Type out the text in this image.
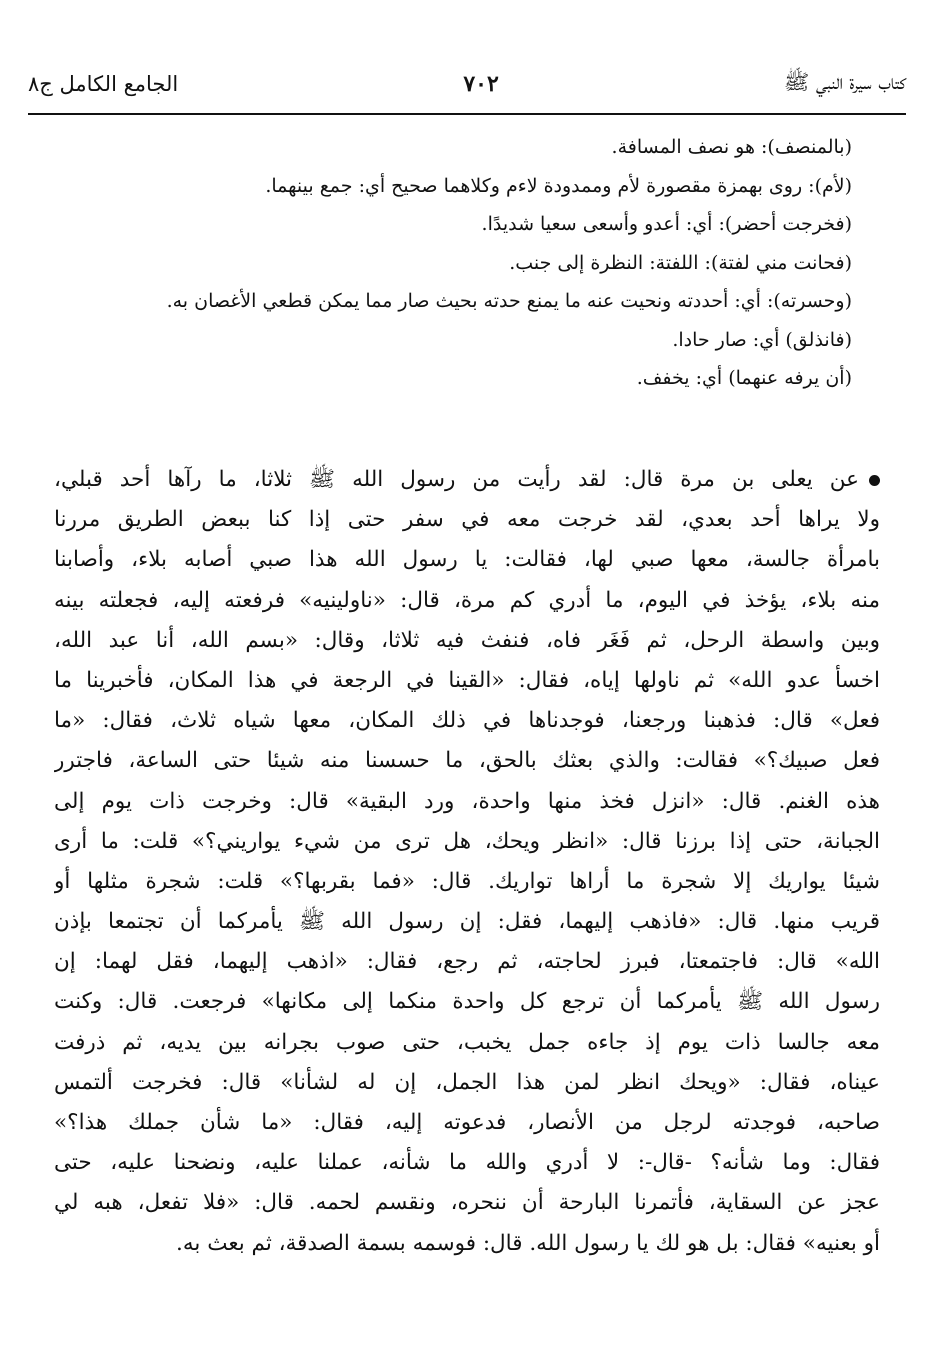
كتاب سيرة النبي ﷺ
٧٠٢
الجامع الكامل ج٨
(بالمنصف): هو نصف المسافة.
(لأم): روى بهمزة مقصورة لأم وممدودة لاءم وكلاهما صحيح أي: جمع بينهما.
(فخرجت أحضر): أي: أعدو وأسعى سعيا شديدًا.
(فحانت مني لفتة): اللفتة: النظرة إلى جنب.
(وحسرته): أي: أحددته ونحيت عنه ما يمنع حدته بحيث صار مما يمكن قطعي الأغصان به.
(فانذلق) أي: صار حادا.
(أن يرفه عنهما) أي: يخفف.
عن يعلى بن مرة قال: لقد رأيت من رسول الله ﷺ ثلاثا، ما رآها أحد قبلي،
ولا يراها أحد بعدي، لقد خرجت معه في سفر حتى إذا كنا ببعض الطريق مررنا
بامرأة جالسة، معها صبي لها، فقالت: يا رسول الله هذا صبي أصابه بلاء، وأصابنا
منه بلاء، يؤخذ في اليوم، ما أدري كم مرة، قال: «ناولينيه» فرفعته إليه، فجعلته بينه
وبين واسطة الرحل، ثم فَغَر فاه، فنفث فيه ثلاثا، وقال: «بسم الله، أنا عبد الله،
اخسأ عدو الله» ثم ناولها إياه، فقال: «القينا في الرجعة في هذا المكان، فأخبرينا ما
فعل» قال: فذهبنا ورجعنا، فوجدناها في ذلك المكان، معها شياه ثلاث، فقال: «ما
فعل صبيك؟» فقالت: والذي بعثك بالحق، ما حسسنا منه شيئا حتى الساعة، فاجترر
هذه الغنم. قال: «انزل فخذ منها واحدة، ورد البقية» قال: وخرجت ذات يوم إلى
الجبانة، حتى إذا برزنا قال: «انظر ويحك، هل ترى من شيء يواريني؟» قلت: ما أرى
شيئا يواريك إلا شجرة ما أراها تواريك. قال: «فما بقربها؟» قلت: شجرة مثلها أو
قريب منها. قال: «فاذهب إليهما، فقل: إن رسول الله ﷺ يأمركما أن تجتمعا بإذن
الله» قال: فاجتمعتا، فبرز لحاجته، ثم رجع، فقال: «اذهب إليهما، فقل لهما: إن
رسول الله ﷺ يأمركما أن ترجع كل واحدة منكما إلى مكانها» فرجعت. قال: وكنت
معه جالسا ذات يوم إذ جاءه جمل يخبب، حتى صوب بجرانه بين يديه، ثم ذرفت
عيناه، فقال: «ويحك انظر لمن هذا الجمل، إن له لشأنا» قال: فخرجت ألتمس
صاحبه، فوجدته لرجل من الأنصار، فدعوته إليه، فقال: «ما شأن جملك هذا؟»
فقال: وما شأنه؟ -قال-: لا أدري والله ما شأنه، عملنا عليه، ونضحنا عليه، حتى
عجز عن السقاية، فأتمرنا البارحة أن ننحره، ونقسم لحمه. قال: «فلا تفعل، هبه لي
أو بعنيه» فقال: بل هو لك يا رسول الله. قال: فوسمه بسمة الصدقة، ثم بعث به.
